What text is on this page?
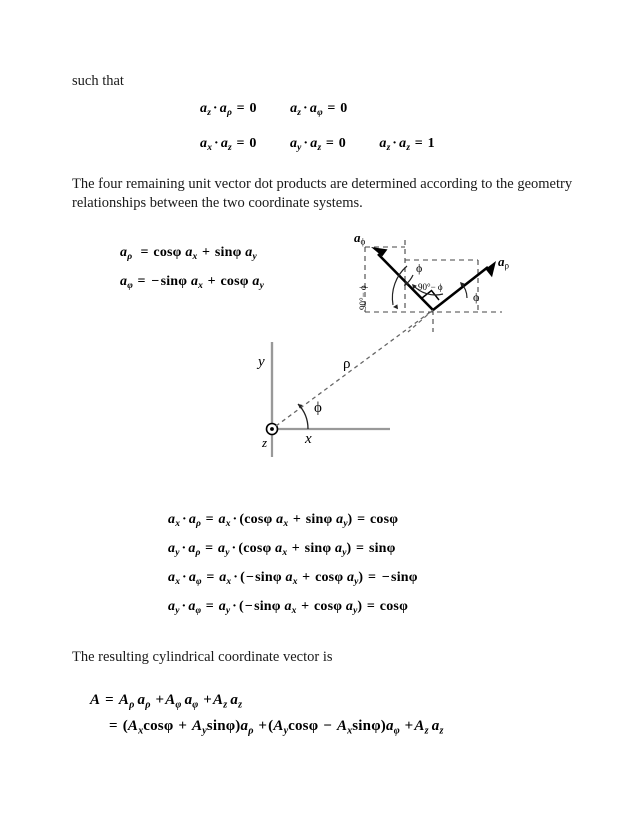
such that
$a_z \cdot a_\rho = 0$ $a_z \cdot a_\varphi = 0$
$a_x \cdot a_z = 0$ $a_y \cdot a_z = 0$ $a_z \cdot a_z = 1$
The four remaining unit vector dot products are determined according to the geometry relationships between the two coordinate systems.
$a_\rho = \cos\varphi$ $a_x + \sin\varphi$ $a_y$
$a_\varphi = -\sin\varphi$ $a_x + \cos\varphi$ $a_y$
y
x
z
ρ
ϕ
$a_\phi$
$a_\rho$
ϕ
90°− ϕ
90°− ϕ	ϕ
$a_x \cdot a_\rho = a_x \cdot (\cos\varphi$ $a_x + \sin\varphi$ $a_y) = \cos\varphi$
$a_y \cdot a_\rho = a_y \cdot (\cos\varphi$ $a_x + \sin\varphi$ $a_y) = \sin\varphi$
$a_x \cdot a_\varphi = a_x \cdot (-\sin\varphi$ $a_x + \cos\varphi$ $a_y) = -\sin\varphi$
$a_y \cdot a_\varphi = a_y \cdot (-\sin\varphi$ $a_x + \cos\varphi$ $a_y) = \cos\varphi$
The resulting cylindrical coordinate vector is
$A = A_\rho$  $a_\rho +A_\varphi$  $a_\varphi +A_z$  $a_z$
= $(A_x\cos\varphi + A_y\sin\varphi)a_\rho +(A_y\cos\varphi - A_x\sin\varphi)a_\varphi +A_z$  $a_z$
